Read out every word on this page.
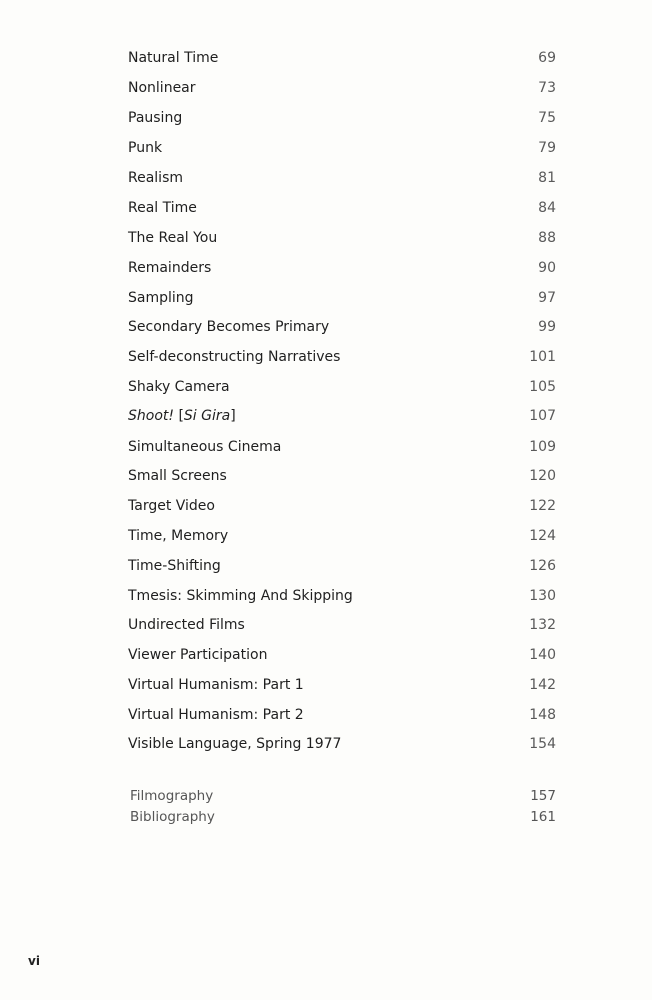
Natural Time	69
Nonlinear	73
Pausing	75
Punk	79
Realism	81
Real Time	84
The Real You	88
Remainders	90
Sampling	97
Secondary Becomes Primary	99
Self-deconstructing Narratives	101
Shaky Camera	105
Shoot! [Si Gira]	107
Simultaneous Cinema	109
Small Screens	120
Target Video	122
Time, Memory	124
Time-Shifting	126
Tmesis: Skimming And Skipping	130
Undirected Films	132
Viewer Participation	140
Virtual Humanism: Part 1	142
Virtual Humanism: Part 2	148
Visible Language, Spring 1977	154
Filmography	157
Bibliography	161
vi
